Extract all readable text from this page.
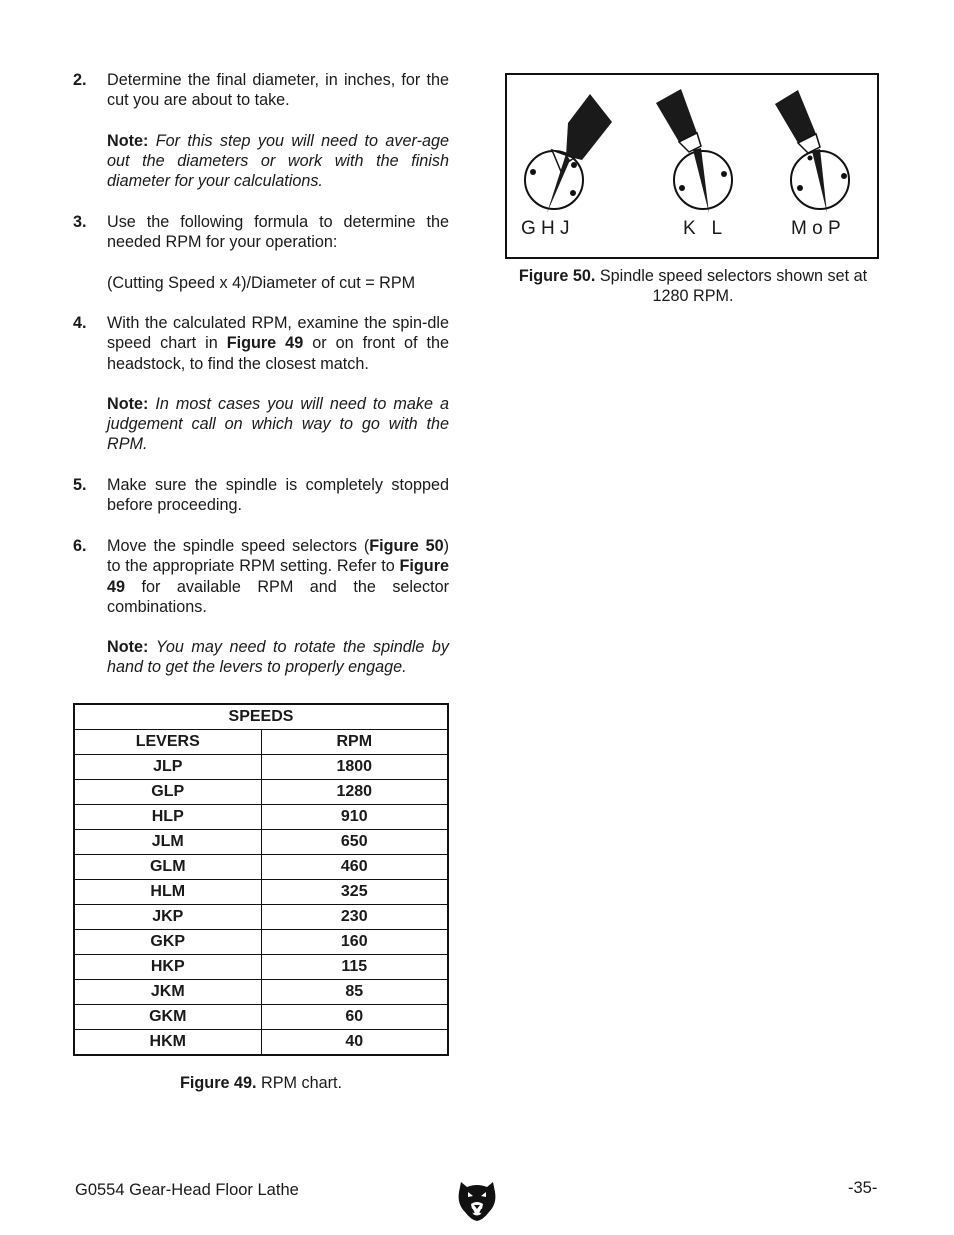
2. Determine the final diameter, in inches, for the cut you are about to take.

Note: For this step you will need to aver-age out the diameters or work with the finish diameter for your calculations.

3. Use the following formula to determine the needed RPM for your operation:

(Cutting Speed x 4)/Diameter of cut = RPM

4. With the calculated RPM, examine the spin-dle speed chart in Figure 49 or on front of the headstock, to find the closest match.

Note: In most cases you will need to make a judgement call on which way to go with the RPM.

5. Make sure the spindle is completely stopped before proceeding.

6. Move the spindle speed selectors (Figure 50) to the appropriate RPM setting. Refer to Figure 49 for available RPM and the selector combinations.

Note: You may need to rotate the spindle by hand to get the levers to properly engage.

SPEEDS	
LEVERS	RPM
JLP	1800
GLP	1280
HLP	910
JLM	650
GLM	460
HLM	325
JKP	230
GKP	160
HKP	115
JKM	85
GKM	60
HKM	40
Figure 49. RPM chart.
G H J	K   L	M o P
Figure 50. Spindle speed selectors shown set at 1280 RPM.
G0554 Gear-Head Floor Lathe	-35-
